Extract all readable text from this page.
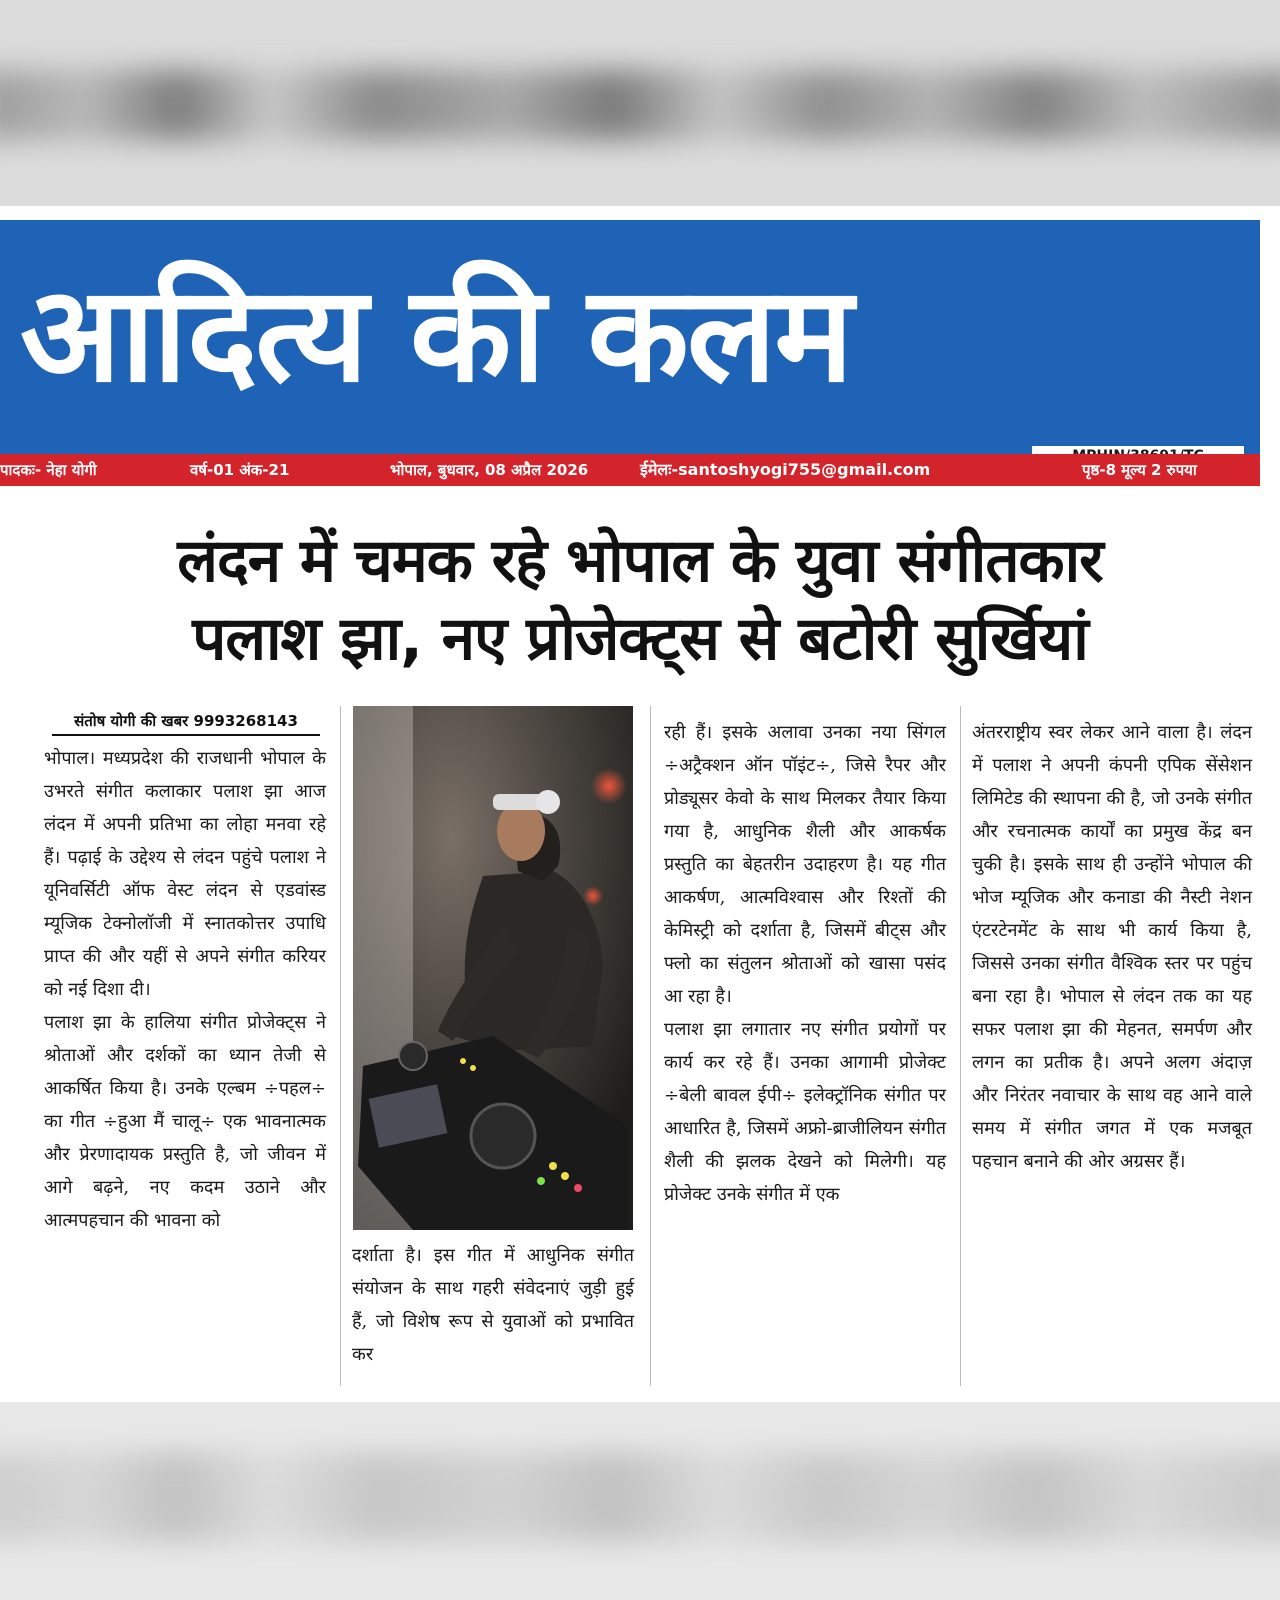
आदित्य की कलम
पादकः- नेहा योगी	वर्ष-01 अंक-21	भोपाल, बुधवार, 08 अप्रैल 2026	ईमेलः-santoshyogi755@gmail.com	पृष्ठ-8 मूल्य 2 रुपया
लंदन में चमक रहे भोपाल के युवा संगीतकार
पलाश झा, नए प्रोजेक्ट्स से बटोरी सुर्खियां
संतोष योगी की खबर 9993268143
भोपाल। मध्यप्रदेश की राजधानी भोपाल के उभरते संगीत कलाकार पलाश झा आज लंदन में अपनी प्रतिभा का लोहा मनवा रहे हैं। पढ़ाई के उद्देश्य से लंदन पहुंचे पलाश ने यूनिवर्सिटी ऑफ वेस्ट लंदन से एडवांस्ड म्यूजिक टेक्नोलॉजी में स्नातकोत्तर उपाधि प्राप्त की और यहीं से अपने संगीत करियर को नई दिशा दी।
पलाश झा के हालिया संगीत प्रोजेक्ट्स ने श्रोताओं और दर्शकों का ध्यान तेजी से आकर्षित किया है। उनके एल्बम ÷पहल÷ का गीत ÷हुआ मैं चालू÷ एक भावनात्मक और प्रेरणादायक प्रस्तुति है, जो जीवन में आगे बढ़ने, नए कदम उठाने और आत्मपहचान की भावना को
दर्शाता है। इस गीत में आधुनिक संगीत संयोजन के साथ गहरी संवेदनाएं जुड़ी हुई हैं, जो विशेष रूप से युवाओं को प्रभावित कर
रही हैं। इसके अलावा उनका नया सिंगल ÷अट्रैक्शन ऑन पॉइंट÷, जिसे रैपर और प्रोड्यूसर केवो के साथ मिलकर तैयार किया गया है, आधुनिक शैली और आकर्षक प्रस्तुति का बेहतरीन उदाहरण है। यह गीत आकर्षण, आत्मविश्वास और रिश्तों की केमिस्ट्री को दर्शाता है, जिसमें बीट्स और फ्लो का संतुलन श्रोताओं को खासा पसंद आ रहा है।
पलाश झा लगातार नए संगीत प्रयोगों पर कार्य कर रहे हैं। उनका आगामी प्रोजेक्ट ÷बेली बावल ईपी÷ इलेक्ट्रॉनिक संगीत पर आधारित है, जिसमें अफ्रो-ब्राजीलियन संगीत शैली की झलक देखने को मिलेगी। यह प्रोजेक्ट उनके संगीत में एक
अंतरराष्ट्रीय स्वर लेकर आने वाला है। लंदन में पलाश ने अपनी कंपनी एपिक सेंसेशन लिमिटेड की स्थापना की है, जो उनके संगीत और रचनात्मक कार्यों का प्रमुख केंद्र बन चुकी है। इसके साथ ही उन्होंने भोपाल की भोज म्यूजिक और कनाडा की नैस्टी नेशन एंटरटेनमेंट के साथ भी कार्य किया है, जिससे उनका संगीत वैश्विक स्तर पर पहुंच बना रहा है। भोपाल से लंदन तक का यह सफर पलाश झा की मेहनत, समर्पण और लगन का प्रतीक है। अपने अलग अंदाज़ और निरंतर नवाचार के साथ वह आने वाले समय में संगीत जगत में एक मजबूत पहचान बनाने की ओर अग्रसर हैं।
